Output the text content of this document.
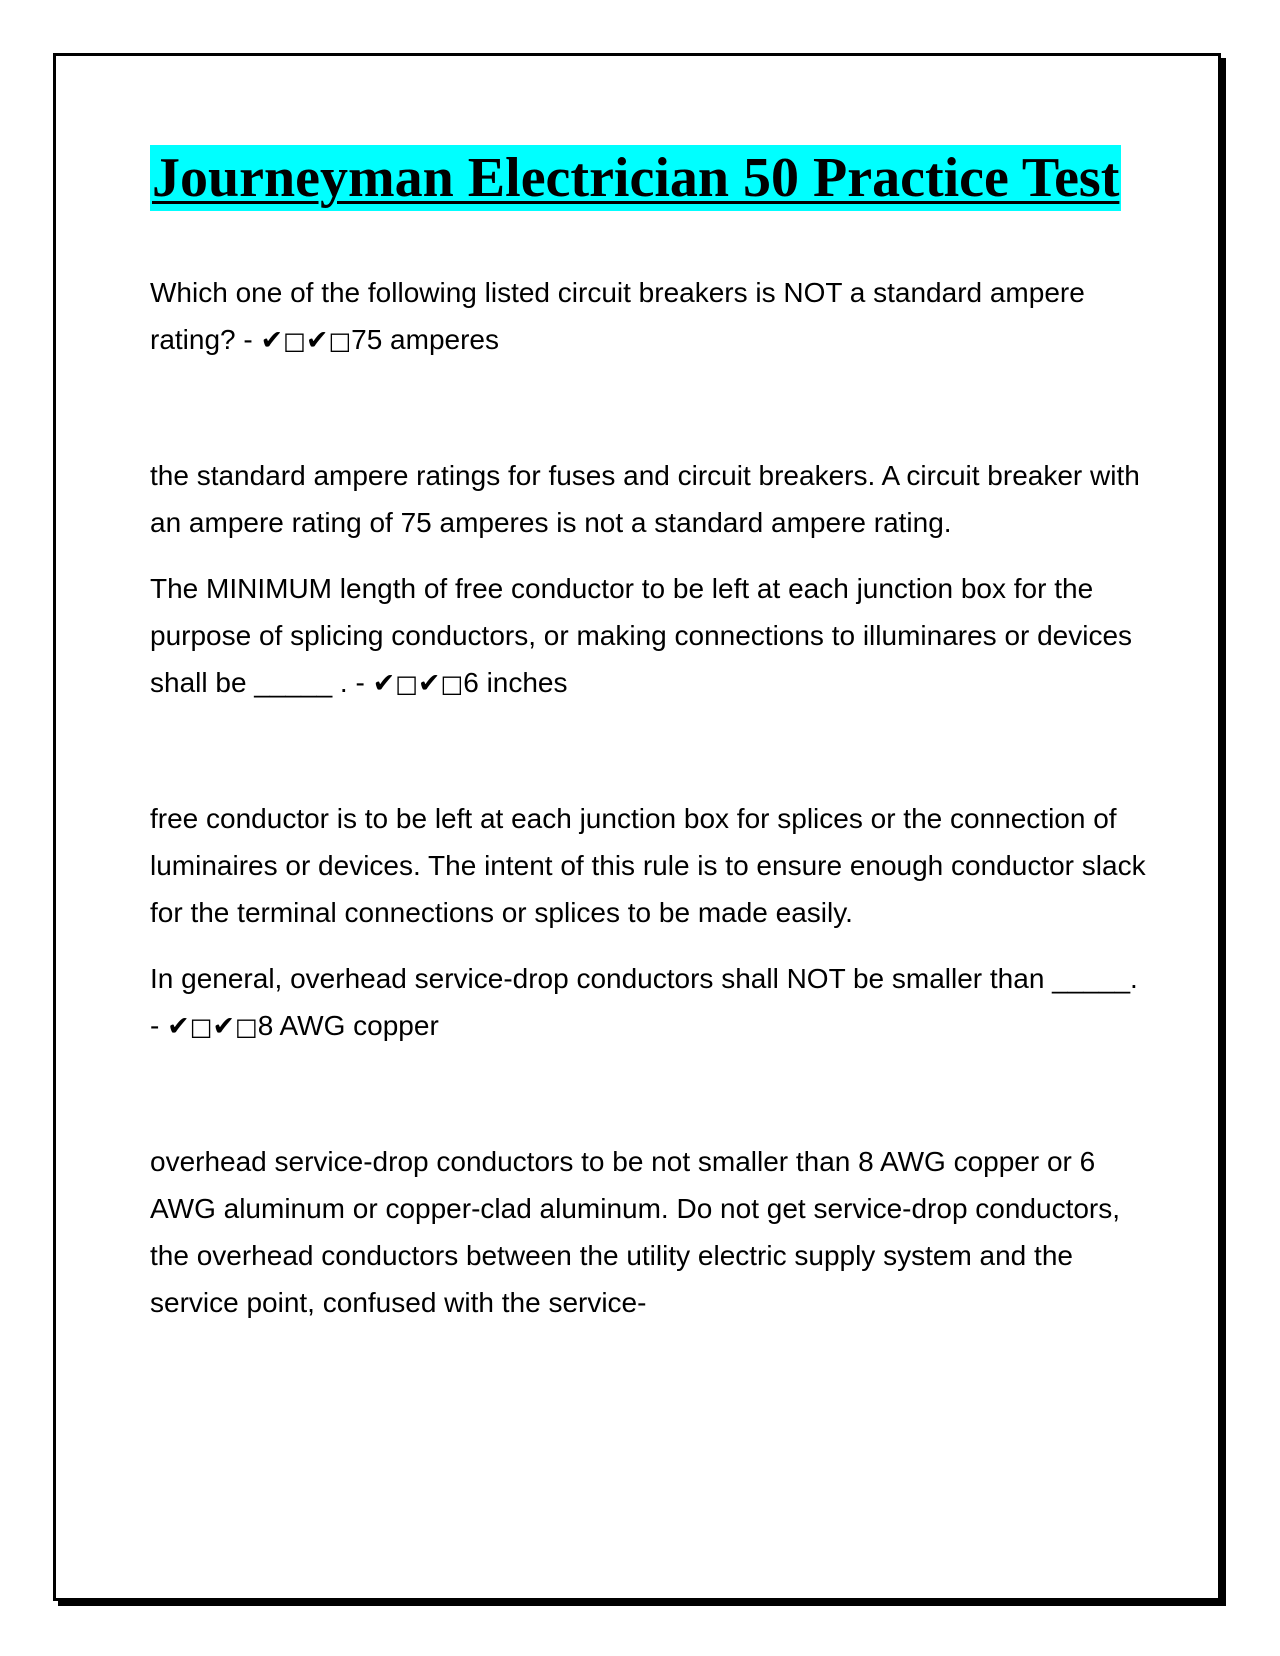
Journeyman Electrician 50 Practice Test

Which one of the following listed circuit breakers is NOT a standard ampere rating? - ✔□✔□75 amperes

the standard ampere ratings for fuses and circuit breakers. A circuit breaker with an ampere rating of 75 amperes is not a standard ampere rating.

The MINIMUM length of free conductor to be left at each junction box for the purpose of splicing conductors, or making connections to illuminares or devices shall be _____ . - ✔□✔□6 inches

free conductor is to be left at each junction box for splices or the connection of luminaires or devices. The intent of this rule is to ensure enough conductor slack for the terminal connections or splices to be made easily.

In general, overhead service-drop conductors shall NOT be smaller than _____. - ✔□✔□8 AWG copper

overhead service-drop conductors to be not smaller than 8 AWG copper or 6 AWG aluminum or copper-clad aluminum. Do not get service-drop conductors, the overhead conductors between the utility electric supply system and the service point, confused with the service-
